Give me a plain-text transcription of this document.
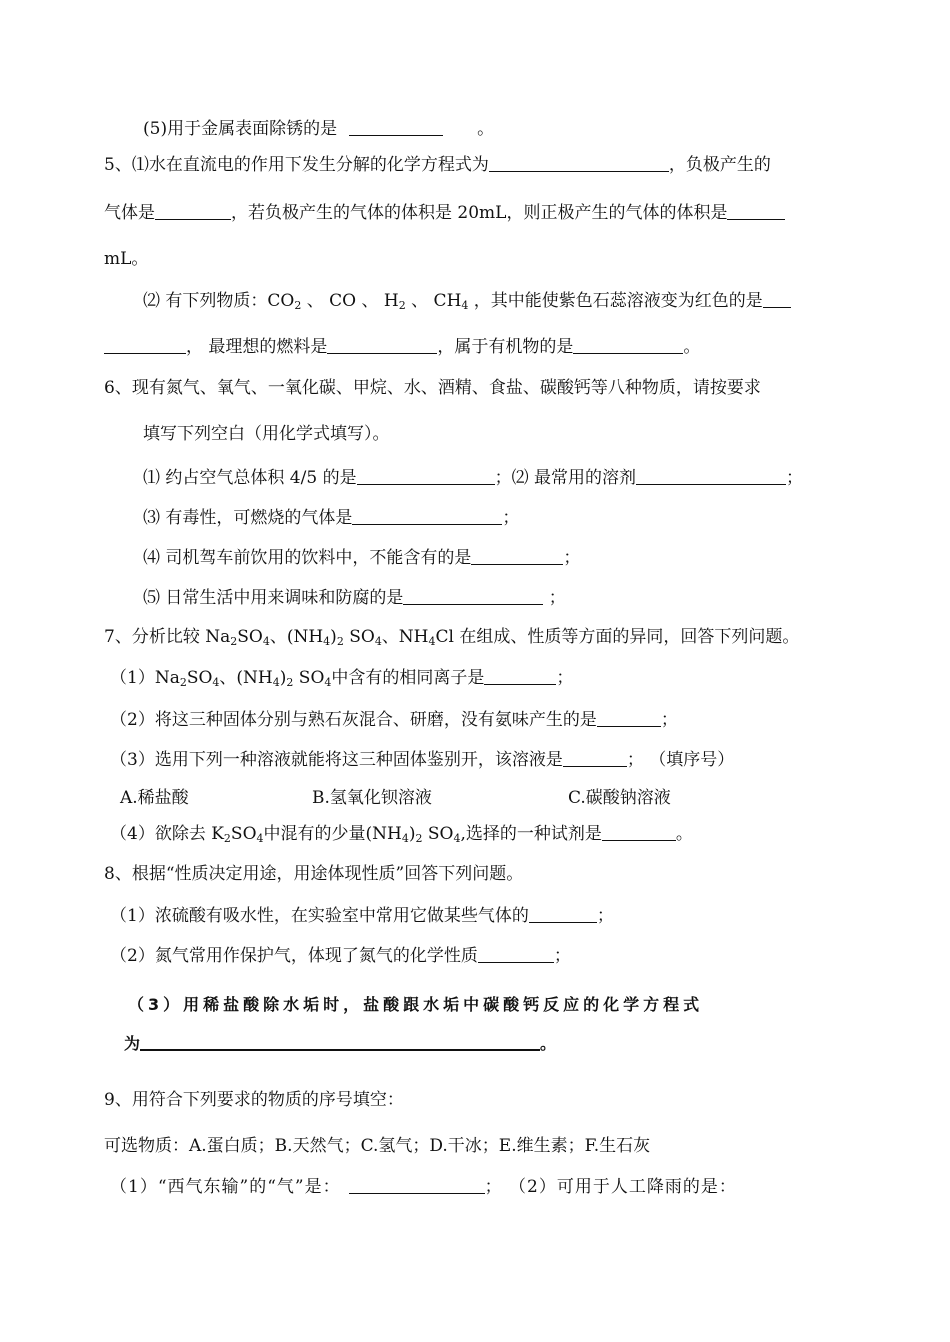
(5)用于金属表面除锈的是	。
5、⑴水在直流电的作用下发生分解的化学方程式为	，负极产生的
气体是	，若负极产生的气体的体积是 20mL，则正极产生的气体的体积是
mL。
⑵ 有下列物质：$CO_2$ 、 CO 、 $H_2$ 、 $CH_4$ ，其中能使紫色石蕊溶液变为红色的是
， 最理想的燃料是	，属于有机物的是	。
6、现有氮气、氧气、一氧化碳、甲烷、水、酒精、食盐、碳酸钙等八种物质，请按要求
填写下列空白（用化学式填写）。
⑴ 约占空气总体积 4/5 的是	；⑵ 最常用的溶剂	；
⑶ 有毒性，可燃烧的气体是	；
⑷ 司机驾车前饮用的饮料中，不能含有的是	；
⑸ 日常生活中用来调味和防腐的是	；
7、分析比较 $Na_2SO_4$、$(NH_4)_2$ $SO_4$、$NH_4Cl$ 在组成、性质等方面的异同，回答下列问题。
$(1)Na_2SO_4$、$(NH_4)_2$ $SO_4$中含有的相同离子是	；
（2）将这三种固体分别与熟石灰混合、研磨，没有氨味产生的是	；
（3）选用下列一种溶液就能将这三种固体鉴别开，该溶液是	； （填序号）
A.稀盐酸	B.氢氧化钡溶液	C.碳酸钠溶液
（4）欲除去 $K_2SO_4$中混有的少量$(NH_4)_2$ $SO_4$,选择的一种试剂是	。
8、根据“性质决定用途，用途体现性质”回答下列问题。
（1）浓硫酸有吸水性，在实验室中常用它做某些气体的	；
（2）氮气常用作保护气，体现了氮气的化学性质	；
（3）用稀盐酸除水垢时，盐酸跟水垢中碳酸钙反应的化学方程式
为	。
9、用符合下列要求的物质的序号填空：
可选物质：A.蛋白质；B.天然气；C.氢气；D.干冰；E.维生素；F.生石灰
（1）“西气东输”的“气”是：	； （2）可用于人工降雨的是：
